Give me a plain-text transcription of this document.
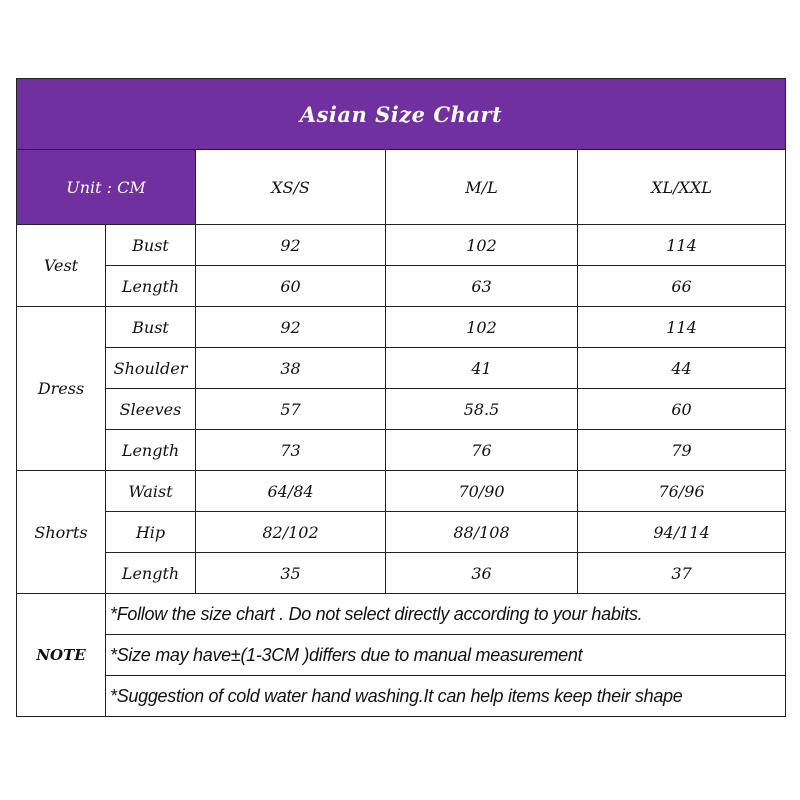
Asian Size Chart				
Unit : CM		XS/S	M/L	XL/XXL
Vest	Bust	92	102	114
	Length	60	63	66
Dress	Bust	92	102	114
	Shoulder	38	41	44
	Sleeves	57	58.5	60
	Length	73	76	79
Shorts	Waist	64/84	70/90	76/96
	Hip	82/102	88/108	94/114
	Length	35	36	37
NOTE	*Follow the size chart . Do not select directly according to your habits.			
	*Size may have±(1-3CM )differs due to manual measurement			
	*Suggestion of cold water hand washing.It can help items keep their shape			
